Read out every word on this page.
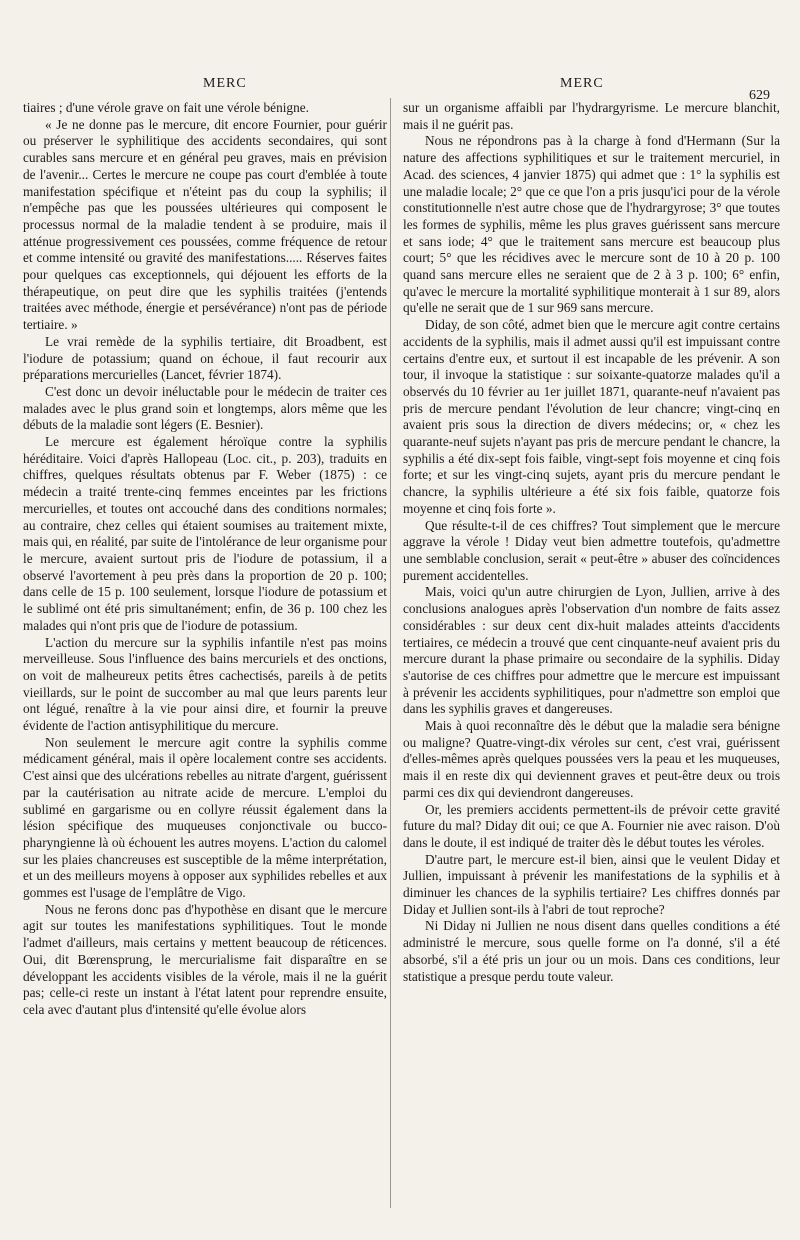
MERC	MERC
629

tiaires ; d'une vérole grave on fait une vérole bénigne.

« Je ne donne pas le mercure, dit encore Fournier, pour guérir ou préserver le syphilitique des accidents secondaires, qui sont curables sans mercure et en général peu graves, mais en prévision de l'avenir... Certes le mercure ne coupe pas court d'emblée à toute manifestation spécifique et n'éteint pas du coup la syphilis; il n'empêche pas que les poussées ultérieures qui composent le processus normal de la maladie tendent à se produire, mais il atténue progressivement ces poussées, comme fréquence de retour et comme intensité ou gravité des manifestations..... Réserves faites pour quelques cas exceptionnels, qui déjouent les efforts de la thérapeutique, on peut dire que les syphilis traitées (j'entends traitées avec méthode, énergie et persévérance) n'ont pas de période tertiaire. »

Le vrai remède de la syphilis tertiaire, dit Broadbent, est l'iodure de potassium; quand on échoue, il faut recourir aux préparations mercurielles (Lancet, février 1874).

C'est donc un devoir inéluctable pour le médecin de traiter ces malades avec le plus grand soin et longtemps, alors même que les débuts de la maladie sont légers (E. Besnier).

Le mercure est également héroïque contre la syphilis héréditaire. Voici d'après Hallopeau (Loc. cit., p. 203), traduits en chiffres, quelques résultats obtenus par F. Weber (1875) : ce médecin a traité trente-cinq femmes enceintes par les frictions mercurielles, et toutes ont accouché dans des conditions normales; au contraire, chez celles qui étaient soumises au traitement mixte, mais qui, en réalité, par suite de l'intolérance de leur organisme pour le mercure, avaient surtout pris de l'iodure de potassium, il a observé l'avortement à peu près dans la proportion de 20 p. 100; dans celle de 15 p. 100 seulement, lorsque l'iodure de potassium et le sublimé ont été pris simultanément; enfin, de 36 p. 100 chez les malades qui n'ont pris que de l'iodure de potassium.

L'action du mercure sur la syphilis infantile n'est pas moins merveilleuse. Sous l'influence des bains mercuriels et des onctions, on voit de malheureux petits êtres cachectisés, pareils à de petits vieillards, sur le point de succomber au mal que leurs parents leur ont légué, renaître à la vie pour ainsi dire, et fournir la preuve évidente de l'action antisyphilitique du mercure.

Non seulement le mercure agit contre la syphilis comme médicament général, mais il opère localement contre ses accidents. C'est ainsi que des ulcérations rebelles au nitrate d'argent, guérissent par la cautérisation au nitrate acide de mercure. L'emploi du sublimé en gargarisme ou en collyre réussit également dans la lésion spécifique des muqueuses conjonctivale ou bucco-pharyngienne là où échouent les autres moyens. L'action du calomel sur les plaies chancreuses est susceptible de la même interprétation, et un des meilleurs moyens à opposer aux syphilides rebelles et aux gommes est l'usage de l'emplâtre de Vigo.

Nous ne ferons donc pas d'hypothèse en disant que le mercure agit sur toutes les manifestations syphilitiques. Tout le monde l'admet d'ailleurs, mais certains y mettent beaucoup de réticences. Oui, dit Bœrensprung, le mercurialisme fait disparaître en se développant les accidents visibles de la vérole, mais il ne la guérit pas; celle-ci reste un instant à l'état latent pour reprendre ensuite, cela avec d'autant plus d'intensité qu'elle évolue alors

sur un organisme affaibli par l'hydrargyrisme. Le mercure blanchit, mais il ne guérit pas.

Nous ne répondrons pas à la charge à fond d'Hermann (Sur la nature des affections syphilitiques et sur le traitement mercuriel, in Acad. des sciences, 4 janvier 1875) qui admet que : 1° la syphilis est une maladie locale; 2° que ce que l'on a pris jusqu'ici pour de la vérole constitutionnelle n'est autre chose que de l'hydrargyrose; 3° que toutes les formes de syphilis, même les plus graves guérissent sans mercure et sans iode; 4° que le traitement sans mercure est beaucoup plus court; 5° que les récidives avec le mercure sont de 10 à 20 p. 100 quand sans mercure elles ne seraient que de 2 à 3 p. 100; 6° enfin, qu'avec le mercure la mortalité syphilitique monterait à 1 sur 89, alors qu'elle ne serait que de 1 sur 969 sans mercure.

Diday, de son côté, admet bien que le mercure agit contre certains accidents de la syphilis, mais il admet aussi qu'il est impuissant contre certains d'entre eux, et surtout il est incapable de les prévenir. A son tour, il invoque la statistique : sur soixante-quatorze malades qu'il a observés du 10 février au 1er juillet 1871, quarante-neuf n'avaient pas pris de mercure pendant l'évolution de leur chancre; vingt-cinq en avaient pris sous la direction de divers médecins; or, « chez les quarante-neuf sujets n'ayant pas pris de mercure pendant le chancre, la syphilis a été dix-sept fois faible, vingt-sept fois moyenne et cinq fois forte; et sur les vingt-cinq sujets, ayant pris du mercure pendant le chancre, la syphilis ultérieure a été six fois faible, quatorze fois moyenne et cinq fois forte ».

Que résulte-t-il de ces chiffres? Tout simplement que le mercure aggrave la vérole ! Diday veut bien admettre toutefois, qu'admettre une semblable conclusion, serait « peut-être » abuser des coïncidences purement accidentelles.

Mais, voici qu'un autre chirurgien de Lyon, Jullien, arrive à des conclusions analogues après l'observation d'un nombre de faits assez considérables : sur deux cent dix-huit malades atteints d'accidents tertiaires, ce médecin a trouvé que cent cinquante-neuf avaient pris du mercure durant la phase primaire ou secondaire de la syphilis. Diday s'autorise de ces chiffres pour admettre que le mercure est impuissant à prévenir les accidents syphilitiques, pour n'admettre son emploi que dans les syphilis graves et dangereuses.

Mais à quoi reconnaître dès le début que la maladie sera bénigne ou maligne? Quatre-vingt-dix véroles sur cent, c'est vrai, guérissent d'elles-mêmes après quelques poussées vers la peau et les muqueuses, mais il en reste dix qui deviennent graves et peut-être deux ou trois parmi ces dix qui deviendront dangereuses.

Or, les premiers accidents permettent-ils de prévoir cette gravité future du mal? Diday dit oui; ce que A. Fournier nie avec raison. D'où dans le doute, il est indiqué de traiter dès le début toutes les véroles.

D'autre part, le mercure est-il bien, ainsi que le veulent Diday et Jullien, impuissant à prévenir les manifestations de la syphilis et à diminuer les chances de la syphilis tertiaire? Les chiffres donnés par Diday et Jullien sont-ils à l'abri de tout reproche?

Ni Diday ni Jullien ne nous disent dans quelles conditions a été administré le mercure, sous quelle forme on l'a donné, s'il a été absorbé, s'il a été pris un jour ou un mois. Dans ces conditions, leur statistique a presque perdu toute valeur.
